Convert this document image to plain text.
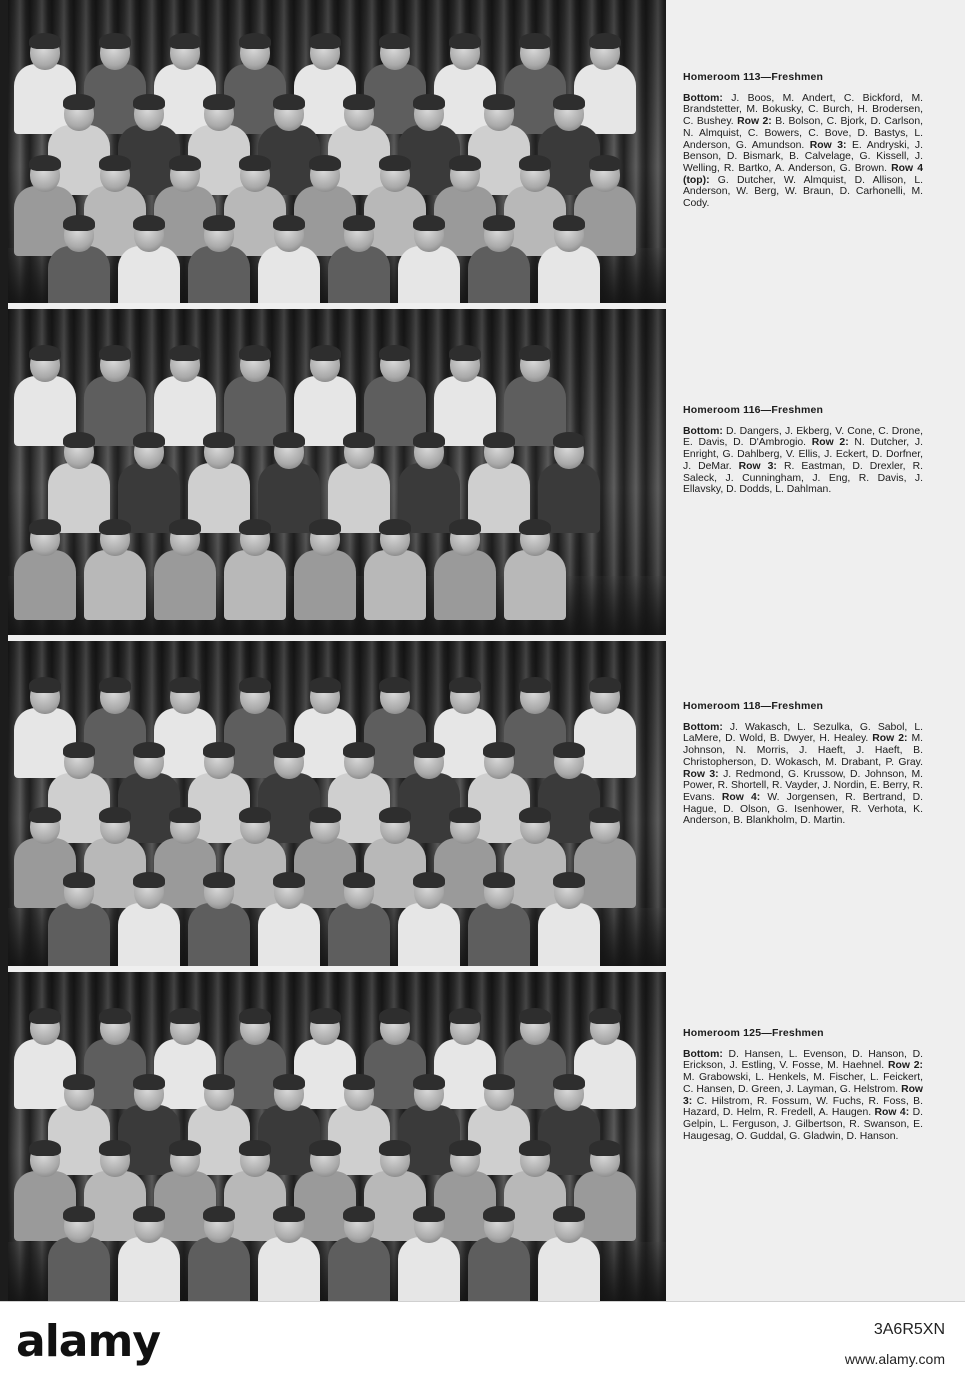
Homeroom 113—Freshmen
Bottom: J. Boos, M. Andert, C. Bickford, M. Brandstetter, M. Bokusky, C. Burch, H. Brodersen, C. Bushey. Row 2: B. Bolson, C. Bjork, D. Carlson, N. Almquist, C. Bowers, C. Bove, D. Bastys, L. Anderson, G. Amundson. Row 3: E. Andryski, J. Benson, D. Bismark, B. Calvelage, G. Kissell, J. Welling, R. Bartko, A. Anderson, G. Brown. Row 4 (top): G. Dutcher, W. Almquist, D. Allison, L. Anderson, W. Berg, W. Braun, D. Carhonelli, M. Cody.
Homeroom 116—Freshmen
Bottom: D. Dangers, J. Ekberg, V. Cone, C. Drone, E. Davis, D. D'Ambrogio. Row 2: N. Dutcher, J. Enright, G. Dahlberg, V. Ellis, J. Eckert, D. Dorfner, J. DeMar. Row 3: R. Eastman, D. Drexler, R. Saleck, J. Cunningham, J. Eng, R. Davis, J. Ellavsky, D. Dodds, L. Dahlman.
Homeroom 118—Freshmen
Bottom: J. Wakasch, L. Sezulka, G. Sabol, L. LaMere, D. Wold, B. Dwyer, H. Healey. Row 2: M. Johnson, N. Morris, J. Haeft, J. Haeft, B. Christopherson, D. Wokasch, M. Drabant, P. Gray. Row 3: J. Redmond, G. Krussow, D. Johnson, M. Power, R. Shortell, R. Vayder, J. Nordin, E. Berry, R. Evans. Row 4: W. Jorgensen, R. Bertrand, D. Hague, D. Olson, G. Isenhower, R. Verhota, K. Anderson, B. Blankholm, D. Martin.
Homeroom 125—Freshmen
Bottom: D. Hansen, L. Evenson, D. Hanson, D. Erickson, J. Estling, V. Fosse, M. Haehnel. Row 2: M. Grabowski, L. Henkels, M. Fischer, L. Feickert, C. Hansen, D. Green, J. Layman, G. Helstrom. Row 3: C. Hilstrom, R. Fossum, W. Fuchs, R. Foss, B. Hazard, D. Helm, R. Fredell, A. Haugen. Row 4: D. Gelpin, L. Ferguson, J. Gilbertson, R. Swanson, E. Haugesag, O. Guddal, G. Gladwin, D. Hanson.
alamy	3A6R5XN
www.alamy.com
